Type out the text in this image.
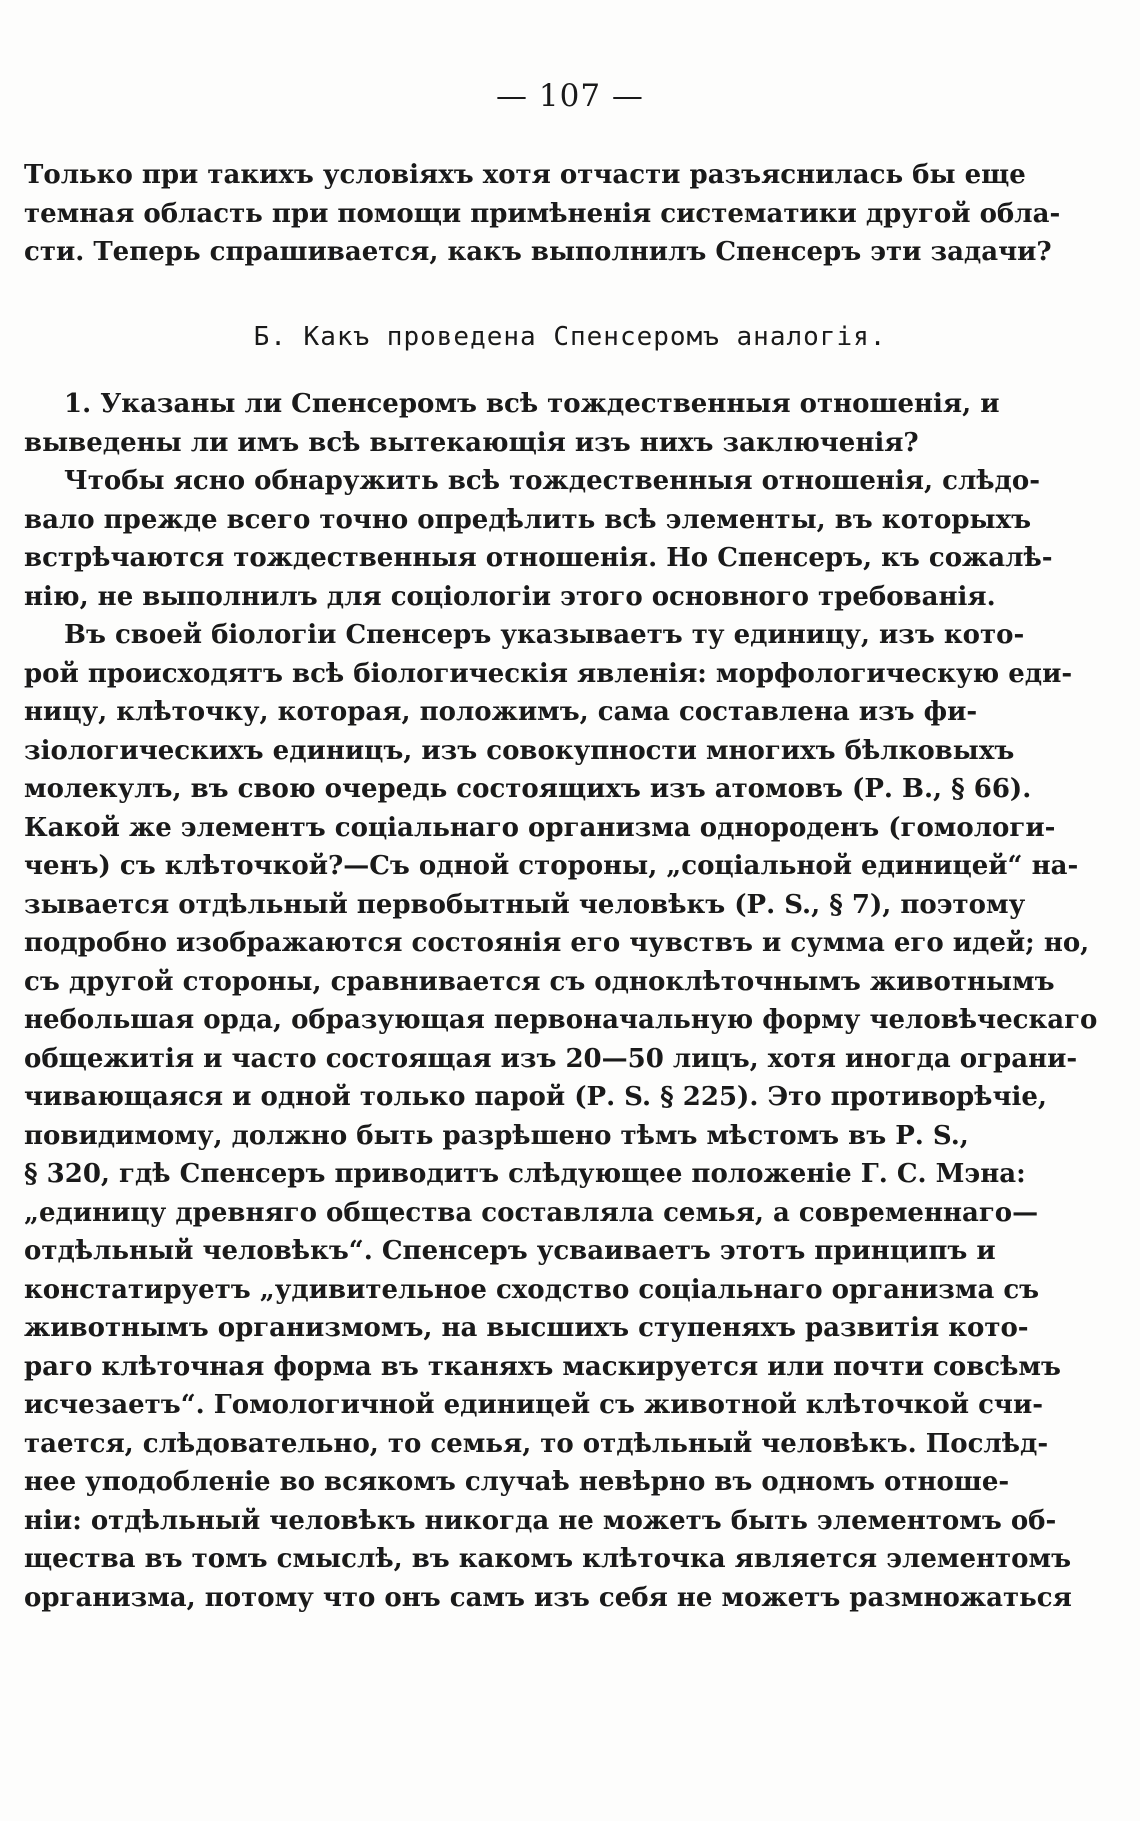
— 107 —
Только при такихъ условіяхъ хотя отчасти разъяснилась бы еще
темная область при помощи примѣненія систематики другой обла-
сти. Теперь спрашивается, какъ выполнилъ Спенсеръ эти задачи?
Б. Какъ проведена Спенсеромъ аналогія.
1. Указаны ли Спенсеромъ всѣ тождественныя отношенія, и
выведены ли имъ всѣ вытекающія изъ нихъ заключенія?
Чтобы ясно обнаружить всѣ тождественныя отношенія, слѣдо-
вало прежде всего точно опредѣлить всѣ элементы, въ которыхъ
встрѣчаются тождественныя отношенія. Но Спенсеръ, къ сожалѣ-
нію, не выполнилъ для соціологіи этого основного требованія.
Въ своей біологіи Спенсеръ указываетъ ту единицу, изъ кото-
рой происходятъ всѣ біологическія явленія: морфологическую еди-
ницу, клѣточку, которая, положимъ, сама составлена изъ фи-
зіологическихъ единицъ, изъ совокупности многихъ бѣлковыхъ
молекулъ, въ свою очередь состоящихъ изъ атомовъ (Р. В., § 66).
Какой же элементъ соціальнаго организма однороденъ (гомологи-
ченъ) съ клѣточкой?—Съ одной стороны, „соціальной единицей“ на-
зывается отдѣльный первобытный человѣкъ (Р. S., § 7), поэтому
подробно изображаются состоянія его чувствъ и сумма его идей; но,
съ другой стороны, сравнивается съ одноклѣточнымъ животнымъ
небольшая орда, образующая первоначальную форму человѣческаго
общежитія и часто состоящая изъ 20—50 лицъ, хотя иногда ограни-
чивающаяся и одной только парой (Р. S. § 225). Это противорѣчіе,
повидимому, должно быть разрѣшено тѣмъ мѣстомъ въ Р. S.,
§ 320, гдѣ Спенсеръ приводитъ слѣдующее положеніе Г. С. Мэна:
„единицу древняго общества составляла семья, а современнаго—
отдѣльный человѣкъ“. Спенсеръ усваиваетъ этотъ принципъ и
констатируетъ „удивительное сходство соціальнаго организма съ
животнымъ организмомъ, на высшихъ ступеняхъ развитія кото-
раго клѣточная форма въ тканяхъ маскируется или почти совсѣмъ
исчезаетъ“. Гомологичной единицей съ животной клѣточкой счи-
тается, слѣдовательно, то семья, то отдѣльный человѣкъ. Послѣд-
нее уподобленіе во всякомъ случаѣ невѣрно въ одномъ отноше-
ніи: отдѣльный человѣкъ никогда не можетъ быть элементомъ об-
щества въ томъ смыслѣ, въ какомъ клѣточка является элементомъ
организма, потому что онъ самъ изъ себя не можетъ размножаться
